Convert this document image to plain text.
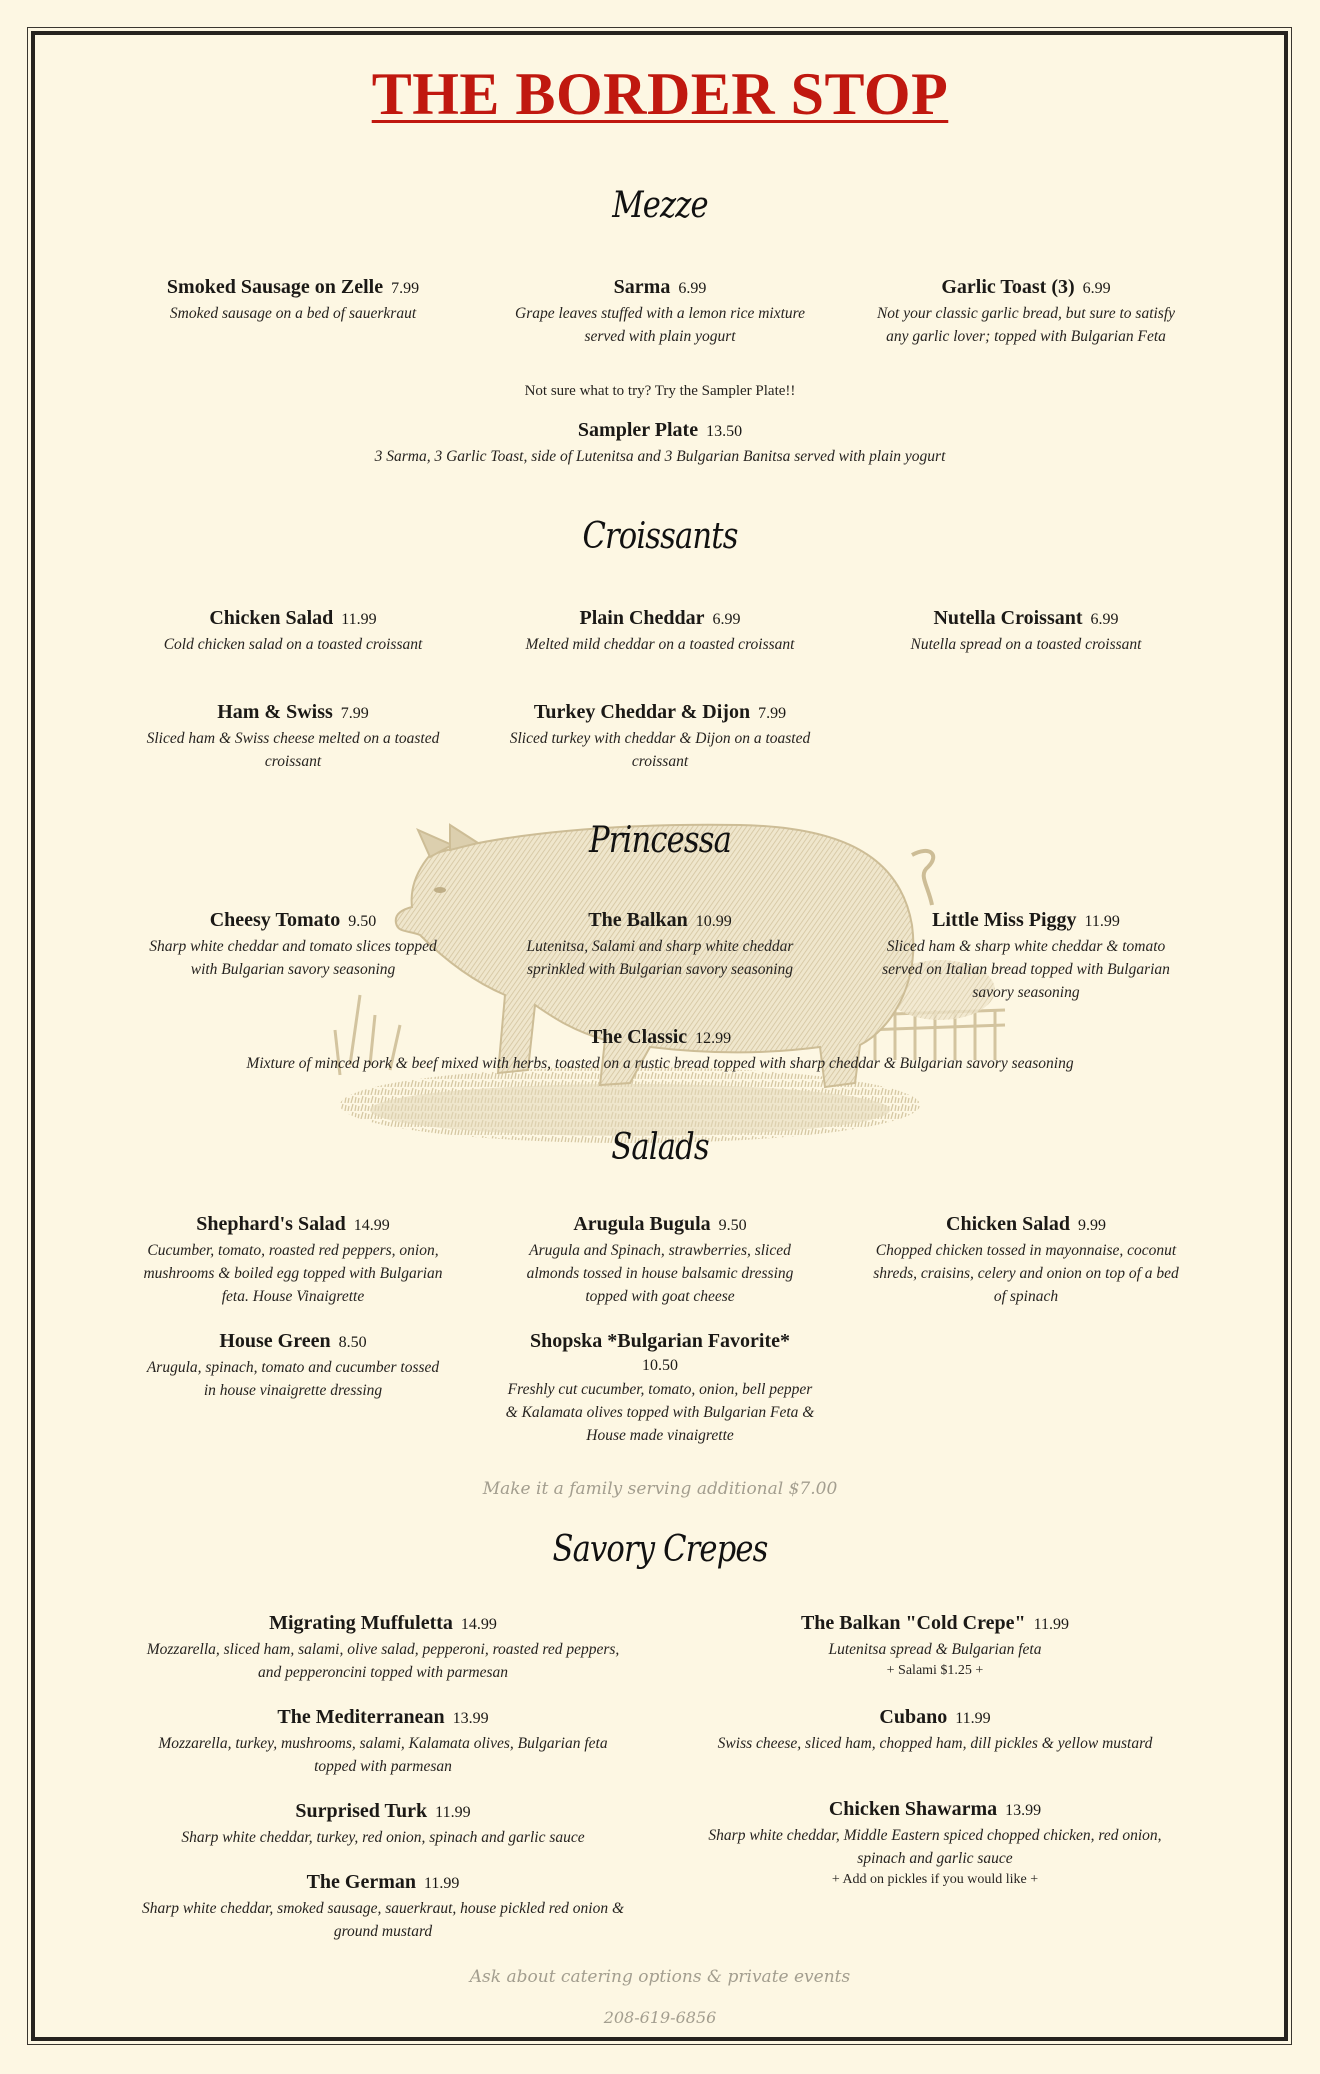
THE BORDER STOP
Mezze
Smoked Sausage on Zelle 7.99
Smoked sausage on a bed of sauerkraut
Sarma 6.99
Grape leaves stuffed with a lemon rice mixture served with plain yogurt
Garlic Toast (3) 6.99
Not your classic garlic bread, but sure to satisfy any garlic lover; topped with Bulgarian Feta
Not sure what to try? Try the Sampler Plate!!
Sampler Plate 13.50
3 Sarma, 3 Garlic Toast, side of Lutenitsa and 3 Bulgarian Banitsa served with plain yogurt
Croissants
Chicken Salad 11.99
Cold chicken salad on a toasted croissant
Plain Cheddar 6.99
Melted mild cheddar on a toasted croissant
Nutella Croissant 6.99
Nutella spread on a toasted croissant
Ham & Swiss 7.99
Sliced ham & Swiss cheese melted on a toasted croissant
Turkey Cheddar & Dijon 7.99
Sliced turkey with cheddar & Dijon on a toasted croissant
Princessa
Cheesy Tomato 9.50
Sharp white cheddar and tomato slices topped with Bulgarian savory seasoning
The Balkan 10.99
Lutenitsa, Salami and sharp white cheddar sprinkled with Bulgarian savory seasoning
Little Miss Piggy 11.99
Sliced ham & sharp white cheddar & tomato served on Italian bread topped with Bulgarian savory seasoning
The Classic 12.99
Mixture of minced pork & beef mixed with herbs, toasted on a rustic bread topped with sharp cheddar & Bulgarian savory seasoning
Salads
Shephard's Salad 14.99
Cucumber, tomato, roasted red peppers, onion, mushrooms & boiled egg topped with Bulgarian feta. House Vinaigrette
Arugula Bugula 9.50
Arugula and Spinach, strawberries, sliced almonds tossed in house balsamic dressing topped with goat cheese
Chicken Salad 9.99
Chopped chicken tossed in mayonnaise, coconut shreds, craisins, celery and onion on top of a bed of spinach
House Green 8.50
Arugula, spinach, tomato and cucumber tossed in house vinaigrette dressing
Shopska *Bulgarian Favorite*
10.50
Freshly cut cucumber, tomato, onion, bell pepper & Kalamata olives topped with Bulgarian Feta & House made vinaigrette
Make it a family serving additional $7.00
Savory Crepes
Migrating Muffuletta 14.99
Mozzarella, sliced ham, salami, olive salad, pepperoni, roasted red peppers, and pepperoncini topped with parmesan
The Mediterranean 13.99
Mozzarella, turkey, mushrooms, salami, Kalamata olives, Bulgarian feta topped with parmesan
Surprised Turk 11.99
Sharp white cheddar, turkey, red onion, spinach and garlic sauce
The German 11.99
Sharp white cheddar, smoked sausage, sauerkraut, house pickled red onion & ground mustard
The Balkan "Cold Crepe" 11.99
Lutenitsa spread & Bulgarian feta
+ Salami $1.25 +
Cubano 11.99
Swiss cheese, sliced ham, chopped ham, dill pickles & yellow mustard
Chicken Shawarma 13.99
Sharp white cheddar, Middle Eastern spiced chopped chicken, red onion, spinach and garlic sauce
+ Add on pickles if you would like +
Ask about catering options & private events
208-619-6856
